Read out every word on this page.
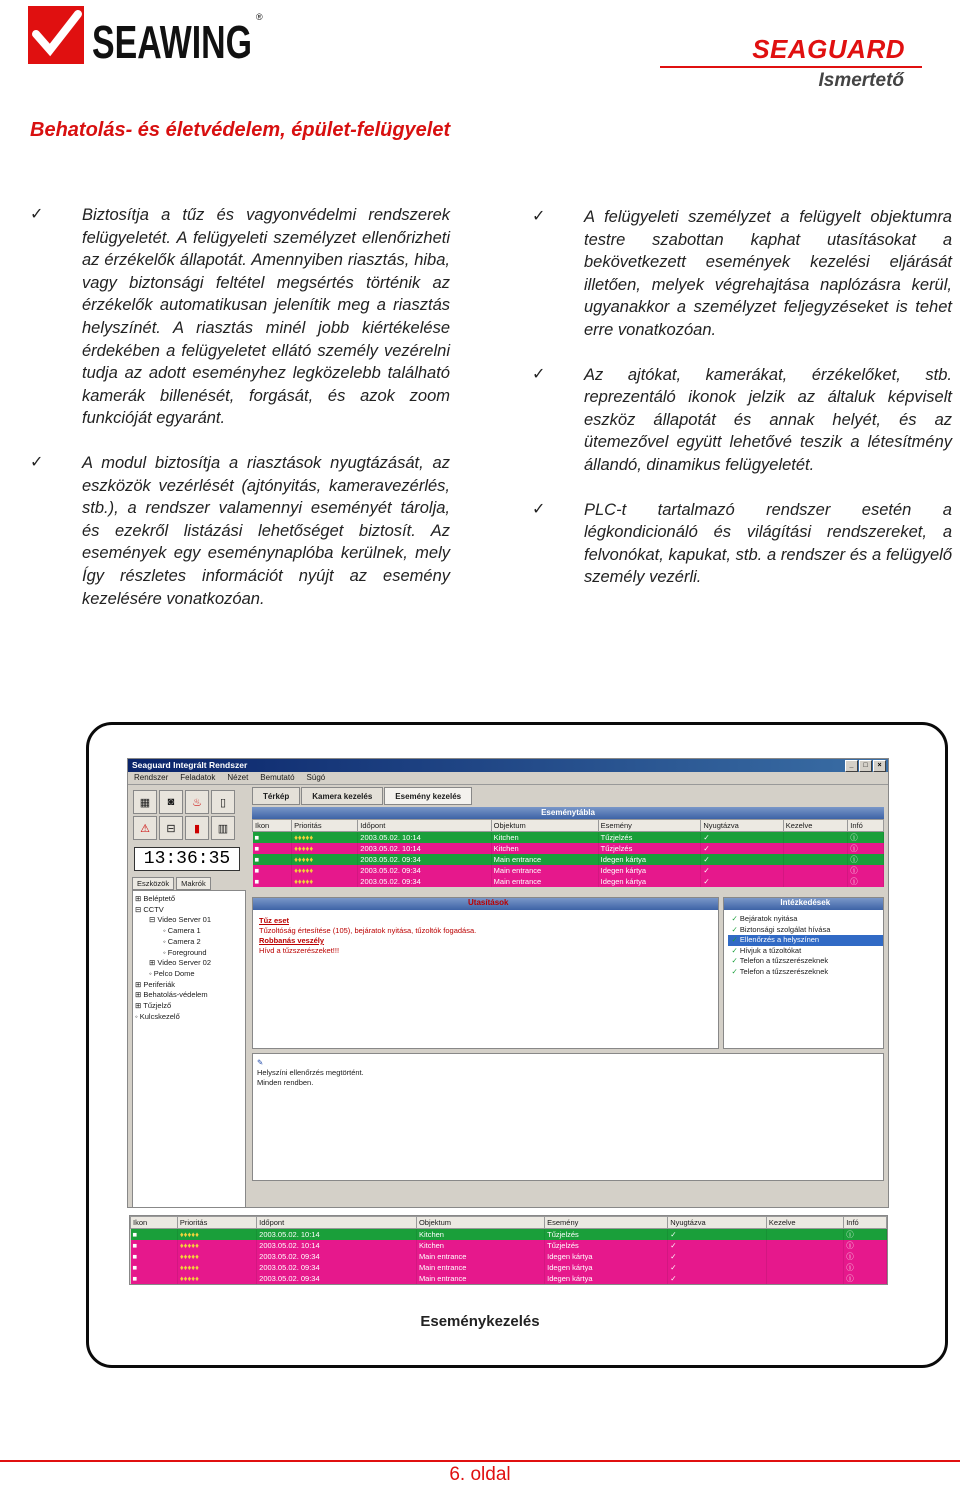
SEAWING ®
SEAGUARD
Ismertető
Behatolás- és életvédelem, épület-felügyelet
✓ Biztosítja a tűz és vagyonvédelmi rendszerek felügyeletét. A felügyeleti személyzet ellenőrizheti az érzékelők állapotát. Amennyiben riasztás, hiba, vagy biztonsági feltétel megsértés történik az érzékelők automatikusan jelenítik meg a riasztás helyszínét. A riasztás minél jobb kiértékelése érdekében a felügyeletet ellátó személy vezérelni tudja az adott eseményhez legközelebb található kamerák billenését, forgását, és azok zoom funkcióját egyaránt.
✓ A modul biztosítja a riasztások nyugtázását, az eszközök vezérlését (ajtónyitás, kameravezérlés, stb.), a rendszer valamennyi eseményét tárolja, és ezekről listázási lehetőséget biztosít. Az események egy eseménynaplóba kerülnek, mely Így részletes információt nyújt az esemény kezelésére vonatkozóan.
✓ A felügyeleti személyzet a felügyelt objektumra testre szabottan kaphat utasításokat a bekövetkezett események kezelési eljárását illetően, melyek végrehajtása naplózásra kerül, ugyanakkor a személyzet feljegyzéseket is tehet erre vonatkozóan.
✓ Az ajtókat, kamerákat, érzékelőket, stb. reprezentáló ikonok jelzik az általuk képviselt eszköz állapotát és annak helyét, és az ütemezővel együtt lehetővé teszik a létesítmény állandó, dinamikus felügyeletét.
✓ PLC-t tartalmazó rendszer esetén a légkondicionáló és világítási rendszereket, a felvonókat, kapukat, stb. a rendszer és a felügyelő személy vezérli.
Seaguard Integrált Rendszer	_	□	×
Rendszer Feladatok Nézet Bemutató Súgó
▦	◙	♨	▯
⚠	⊟	▮	▥
13:36:35
Eszközök	Makrók
⊞ Beléptető
⊟ CCTV
⊟ Video Server 01
◦ Camera 1
◦ Camera 2
◦ Foreground
⊞ Video Server 02
◦ Pelco Dome
⊞ Periferiák
⊞ Behatolás-védelem
⊞ Tűzjelző
◦ Kulcskezelő
Térkép	Kamera kezelés	Esemény kezelés
Eseménytábla
Ikon	Prioritás	Időpont	Objektum	Esemény	Nyugtázva	Kezelve	Infó
■	♦♦♦♦♦	2003.05.02. 10:14	Kitchen	Tűzjelzés	✓		ⓘ
■	♦♦♦♦♦	2003.05.02. 10:14	Kitchen	Tűzjelzés	✓		ⓘ
■	♦♦♦♦♦	2003.05.02. 09:34	Main entrance	Idegen kártya	✓		ⓘ
■	♦♦♦♦♦	2003.05.02. 09:34	Main entrance	Idegen kártya	✓		ⓘ
■	♦♦♦♦♦	2003.05.02. 09:34	Main entrance	Idegen kártya	✓		ⓘ
Utasítások
Tűz eset
Tűzoltóság értesítése (105), bejáratok nyitása, tűzoltók fogadása.
Robbanás veszély
Hívd a tűzszerészeket!!!
Intézkedések
✓ Bejáratok nyitása
✓ Biztonsági szolgálat hívása
✓ Ellenőrzés a helyszínen
✓ Hívjuk a tűzoltókat
✓ Telefon a tűzszerészeknek
✓ Telefon a tűzszerészeknek
✎
Helyszíni ellenőrzés megtörtént.
Minden rendben.
Ikon	Prioritás	Időpont	Objektum	Esemény	Nyugtázva	Kezelve	Infó
■	♦♦♦♦♦	2003.05.02. 10:14	Kitchen	Tűzjelzés	✓		ⓘ
■	♦♦♦♦♦	2003.05.02. 10:14	Kitchen	Tűzjelzés	✓		ⓘ
■	♦♦♦♦♦	2003.05.02. 09:34	Main entrance	Idegen kártya	✓		ⓘ
■	♦♦♦♦♦	2003.05.02. 09:34	Main entrance	Idegen kártya	✓		ⓘ
■	♦♦♦♦♦	2003.05.02. 09:34	Main entrance	Idegen kártya	✓		ⓘ
Eseménykezelés
6. oldal
